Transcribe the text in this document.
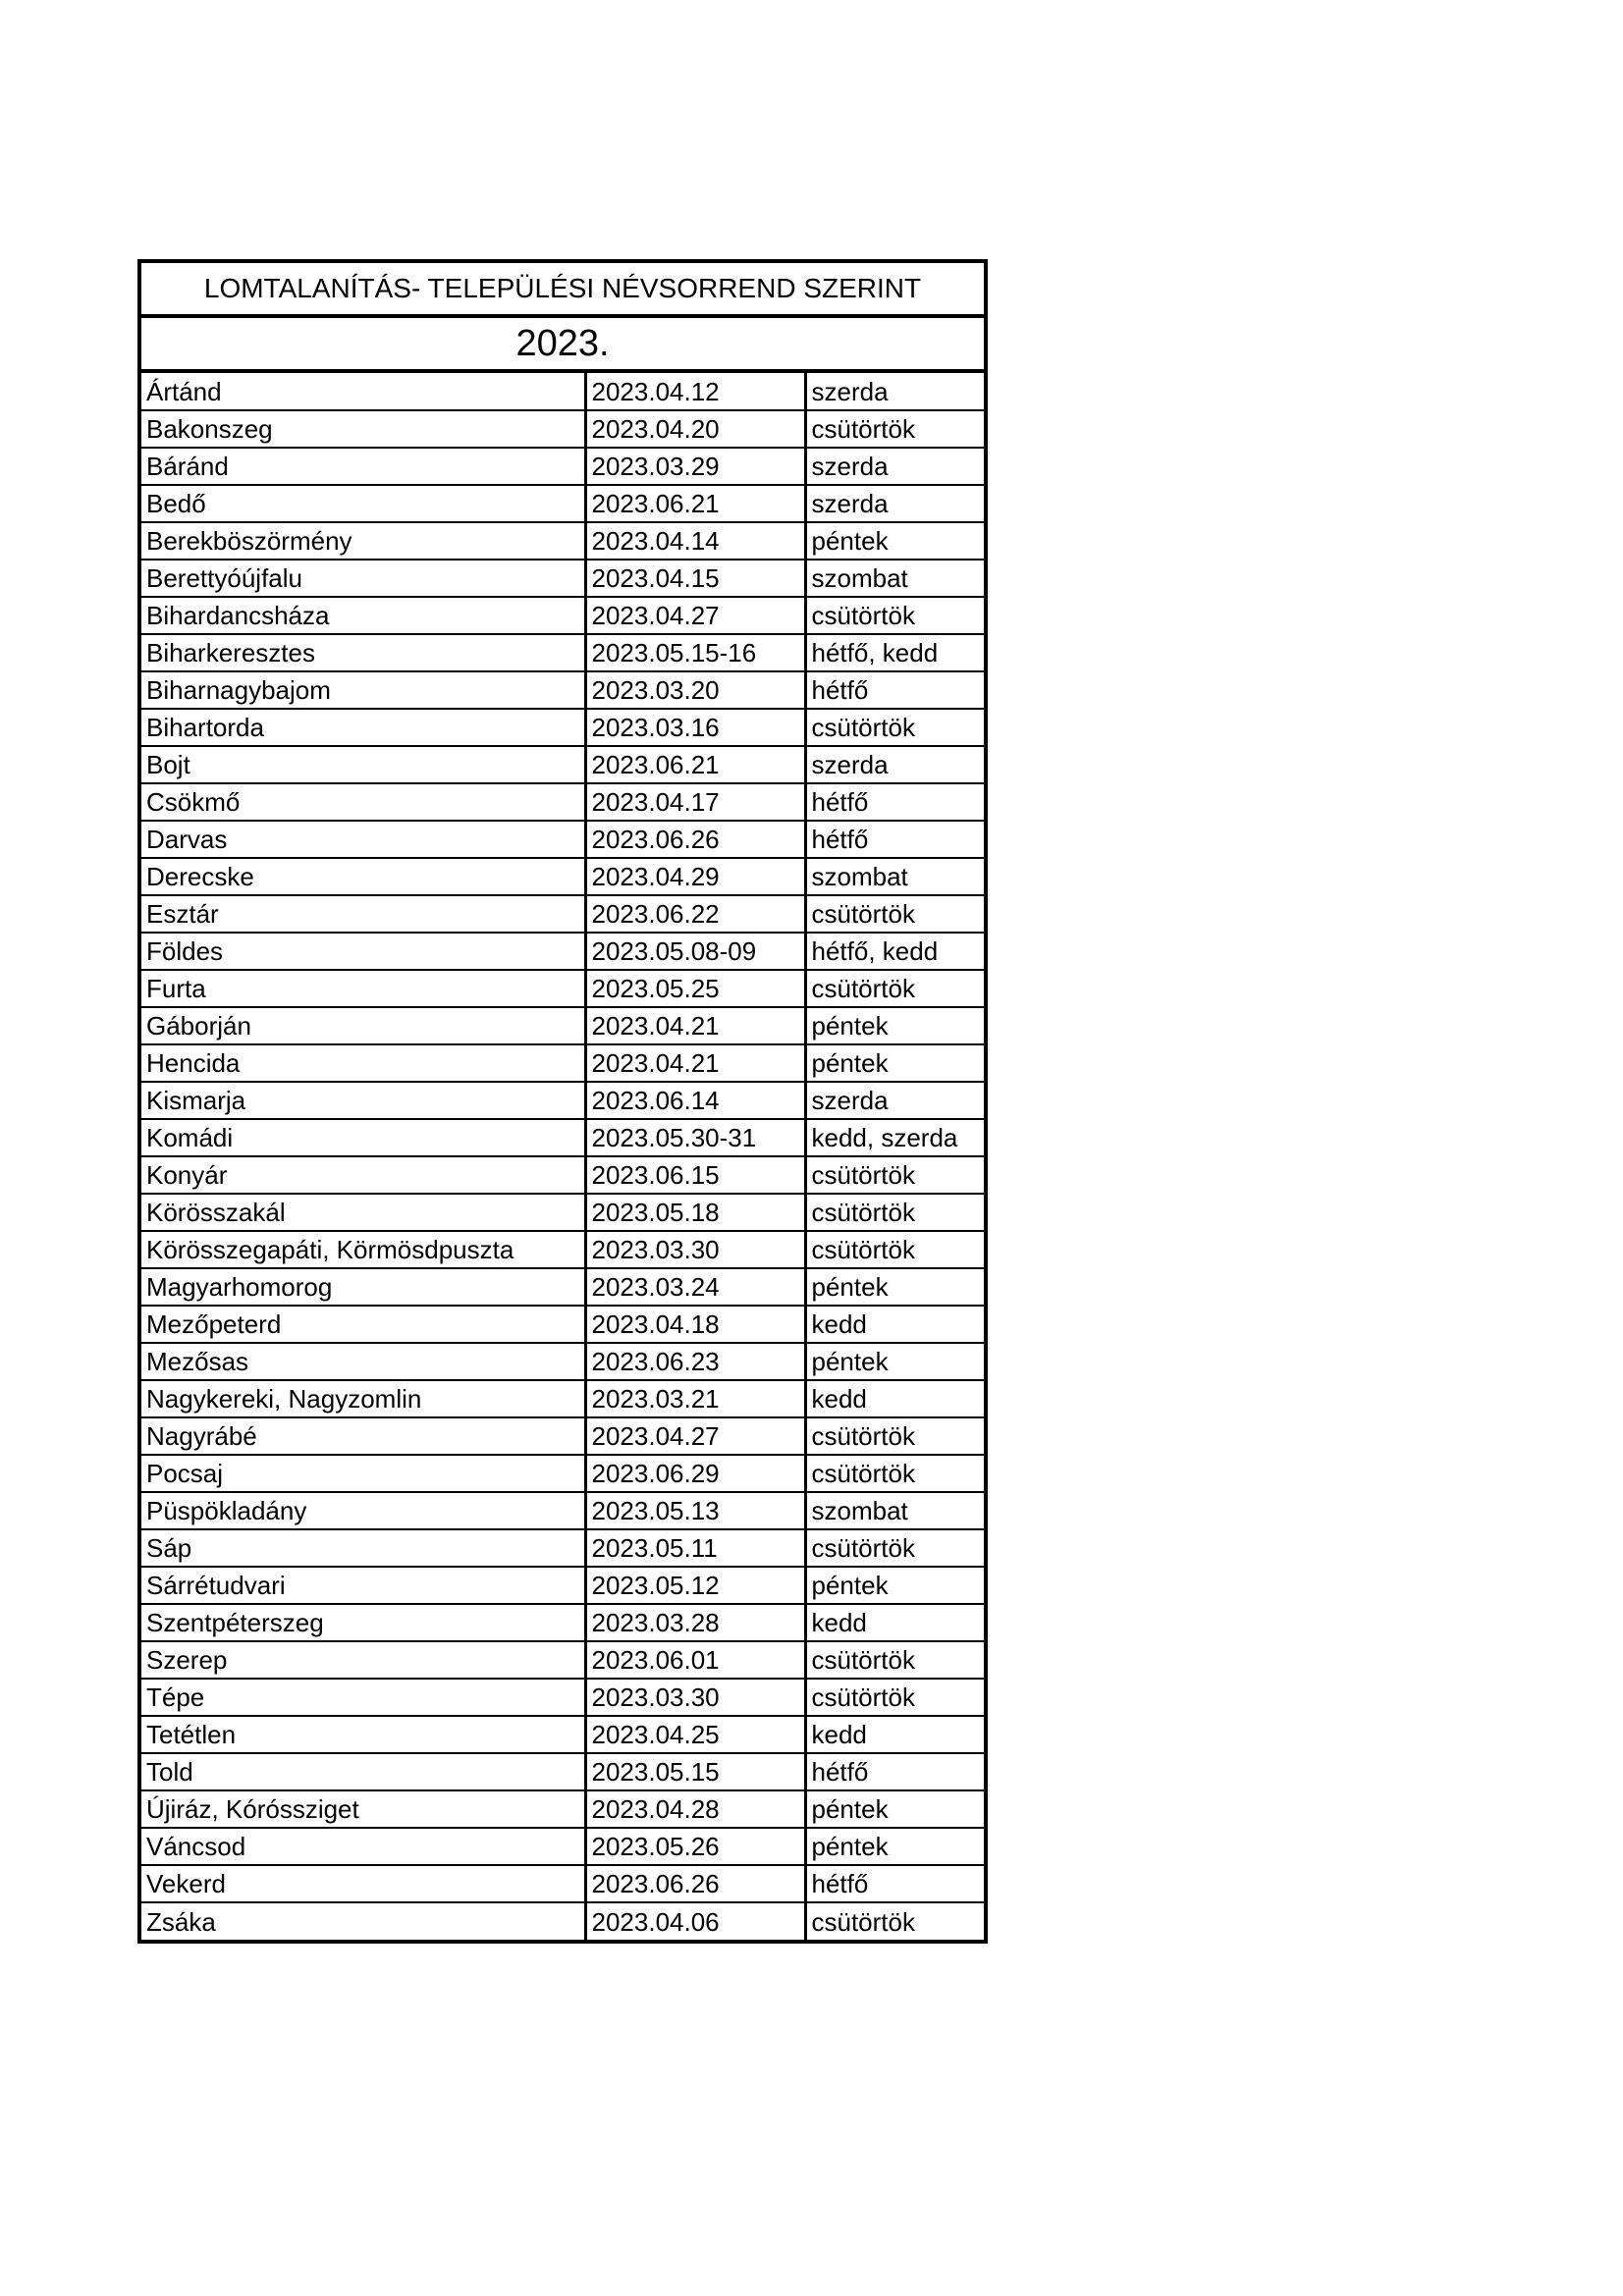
LOMTALANÍTÁS- TELEPÜLÉSI NÉVSORREND SZERINT
2023.
Ártánd	2023.04.12	szerda
Bakonszeg	2023.04.20	csütörtök
Báránd	2023.03.29	szerda
Bedő	2023.06.21	szerda
Berekböszörmény	2023.04.14	péntek
Berettyóújfalu	2023.04.15	szombat
Bihardancsháza	2023.04.27	csütörtök
Biharkeresztes	2023.05.15-16	hétfő, kedd
Biharnagybajom	2023.03.20	hétfő
Bihartorda	2023.03.16	csütörtök
Bojt	2023.06.21	szerda
Csökmő	2023.04.17	hétfő
Darvas	2023.06.26	hétfő
Derecske	2023.04.29	szombat
Esztár	2023.06.22	csütörtök
Földes	2023.05.08-09	hétfő, kedd
Furta	2023.05.25	csütörtök
Gáborján	2023.04.21	péntek
Hencida	2023.04.21	péntek
Kismarja	2023.06.14	szerda
Komádi	2023.05.30-31	kedd, szerda
Konyár	2023.06.15	csütörtök
Körösszakál	2023.05.18	csütörtök
Körösszegapáti, Körmösdpuszta	2023.03.30	csütörtök
Magyarhomorog	2023.03.24	péntek
Mezőpeterd	2023.04.18	kedd
Mezősas	2023.06.23	péntek
Nagykereki, Nagyzomlin	2023.03.21	kedd
Nagyrábé	2023.04.27	csütörtök
Pocsaj	2023.06.29	csütörtök
Püspökladány	2023.05.13	szombat
Sáp	2023.05.11	csütörtök
Sárrétudvari	2023.05.12	péntek
Szentpéterszeg	2023.03.28	kedd
Szerep	2023.06.01	csütörtök
Tépe	2023.03.30	csütörtök
Tetétlen	2023.04.25	kedd
Told	2023.05.15	hétfő
Újiráz, Kóróssziget	2023.04.28	péntek
Váncsod	2023.05.26	péntek
Vekerd	2023.06.26	hétfő
Zsáka	2023.04.06	csütörtök
